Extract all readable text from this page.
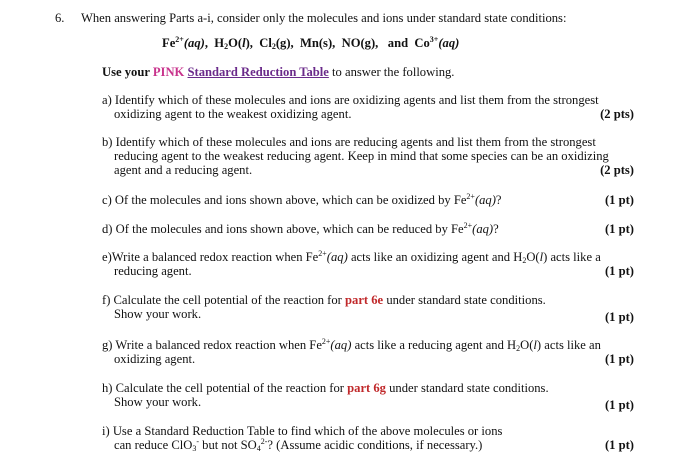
6. When answering Parts a-i, consider only the molecules and ions under standard state conditions:
$Fe^{2+}(aq)$,  $H_2O(l)$, $Cl_2(g)$, Mn(s), NO(g), and $Co^{3+}(aq)$
Use your PINK Standard Reduction Table to answer the following.
a) Identify which of these molecules and ions are oxidizing agents and list them from the strongest
oxidizing agent to the weakest oxidizing agent.	(2 pts)
b) Identify which of these molecules and ions are reducing agents and list them from the strongest
reducing agent to the weakest reducing agent. Keep in mind that some species can be an oxidizing
agent and a reducing agent.	(2 pts)
c) Of the molecules and ions shown above, which can be oxidized by $Fe^{2+}(aq)$?	(1 pt)
d) Of the molecules and ions shown above, which can be reduced by $Fe^{2+}(aq)$?	(1 pt)
e)Write a balanced redox reaction when $Fe^{2+}(aq)$ acts like an oxidizing agent and $H_2O(l)$ acts like a
reducing agent.	(1 pt)
f) Calculate the cell potential of the reaction for part 6e under standard state conditions.
Show your work.	(1 pt)
g) Write a balanced redox reaction when $Fe^{2+}(aq)$ acts like a reducing agent and $H_2O(l)$ acts like an
oxidizing agent.	(1 pt)
h) Calculate the cell potential of the reaction for part 6g under standard state conditions.
Show your work.	(1 pt)
i) Use a Standard Reduction Table to find which of the above molecules or ions
can reduce ClO$_3$- but not $SO_4^{2-}$? (Assume acidic conditions, if necessary.)	(1 pt)
